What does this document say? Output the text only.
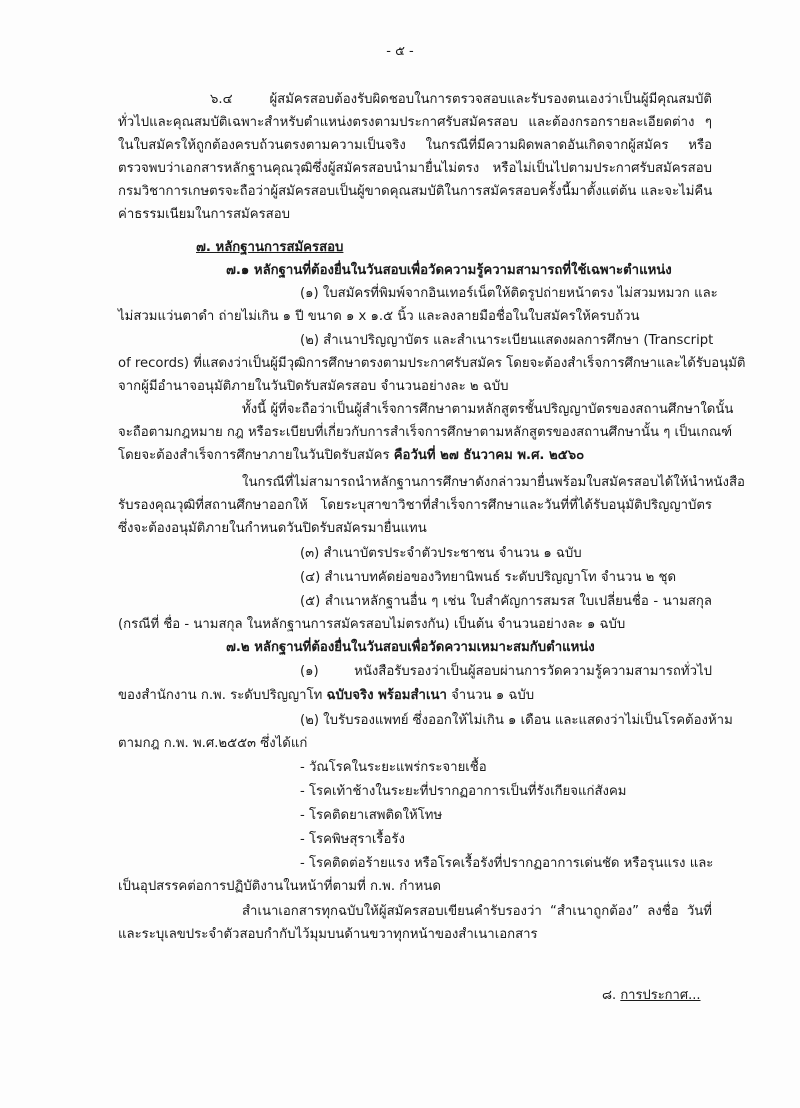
- ๕ -
๖.๔ ผู้สมัครสอบต้องรับผิดชอบในการตรวจสอบและรับรองตนเองว่าเป็นผู้มีคุณสมบัติ
ทั่วไปและคุณสมบัติเฉพาะสำหรับตำแหน่งตรงตามประกาศรับสมัครสอบ และต้องกรอกรายละเอียดต่าง ๆ
ในใบสมัครให้ถูกต้องครบถ้วนตรงตามความเป็นจริง ในกรณีที่มีความผิดพลาดอันเกิดจากผู้สมัคร หรือ
ตรวจพบว่าเอกสารหลักฐานคุณวุฒิซึ่งผู้สมัครสอบนำมายื่นไม่ตรง หรือไม่เป็นไปตามประกาศรับสมัครสอบ
กรมวิชาการเกษตรจะถือว่าผู้สมัครสอบเป็นผู้ขาดคุณสมบัติในการสมัครสอบครั้งนี้มาตั้งแต่ต้น และจะไม่คืน
ค่าธรรมเนียมในการสมัครสอบ
๗. หลักฐานการสมัครสอบ
๗.๑ หลักฐานที่ต้องยื่นในวันสอบเพื่อวัดความรู้ความสามารถที่ใช้เฉพาะตำแหน่ง
(๑) ใบสมัครที่พิมพ์จากอินเทอร์เน็ตให้ติดรูปถ่ายหน้าตรง ไม่สวมหมวก และ
ไม่สวมแว่นตาดำ ถ่ายไม่เกิน ๑ ปี ขนาด ๑ x ๑.๕ นิ้ว และลงลายมือชื่อในใบสมัครให้ครบถ้วน
(๒) สำเนาปริญญาบัตร และสำเนาระเบียนแสดงผลการศึกษา (Transcript
of records) ที่แสดงว่าเป็นผู้มีวุฒิการศึกษาตรงตามประกาศรับสมัคร โดยจะต้องสำเร็จการศึกษาและได้รับอนุมัติ
จากผู้มีอำนาจอนุมัติภายในวันปิดรับสมัครสอบ จำนวนอย่างละ ๒ ฉบับ
ทั้งนี้ ผู้ที่จะถือว่าเป็นผู้สำเร็จการศึกษาตามหลักสูตรชั้นปริญญาบัตรของสถานศึกษาใดนั้น
จะถือตามกฎหมาย กฎ หรือระเบียบที่เกี่ยวกับการสำเร็จการศึกษาตามหลักสูตรของสถานศึกษานั้น ๆ เป็นเกณฑ์
โดยจะต้องสำเร็จการศึกษาภายในวันปิดรับสมัคร คือวันที่ ๒๗ ธันวาคม พ.ศ. ๒๕๖๐
ในกรณีที่ไม่สามารถนำหลักฐานการศึกษาดังกล่าวมายื่นพร้อมใบสมัครสอบได้ให้นำหนังสือ
รับรองคุณวุฒิที่สถานศึกษาออกให้ โดยระบุสาขาวิชาที่สำเร็จการศึกษาและวันที่ที่ได้รับอนุมัติปริญญาบัตร
ซึ่งจะต้องอนุมัติภายในกำหนดวันปิดรับสมัครมายื่นแทน
(๓) สำเนาบัตรประจำตัวประชาชน จำนวน ๑ ฉบับ
(๔) สำเนาบทคัดย่อของวิทยานิพนธ์ ระดับปริญญาโท จำนวน ๒ ชุด
(๕) สำเนาหลักฐานอื่น ๆ เช่น ใบสำคัญการสมรส ใบเปลี่ยนชื่อ - นามสกุล
(กรณีที่ ชื่อ - นามสกุล ในหลักฐานการสมัครสอบไม่ตรงกัน) เป็นต้น จำนวนอย่างละ ๑ ฉบับ
๗.๒ หลักฐานที่ต้องยื่นในวันสอบเพื่อวัดความเหมาะสมกับตำแหน่ง
(๑) หนังสือรับรองว่าเป็นผู้สอบผ่านการวัดความรู้ความสามารถทั่วไป
ของสำนักงาน ก.พ. ระดับปริญญาโท ฉบับจริง พร้อมสำเนา จำนวน ๑ ฉบับ
(๒) ใบรับรองแพทย์ ซึ่งออกให้ไม่เกิน ๑ เดือน และแสดงว่าไม่เป็นโรคต้องห้าม
ตามกฎ ก.พ. พ.ศ.๒๕๕๓ ซึ่งได้แก่
- วัณโรคในระยะแพร่กระจายเชื้อ
- โรคเท้าช้างในระยะที่ปรากฏอาการเป็นที่รังเกียจแก่สังคม
- โรคติดยาเสพติดให้โทษ
- โรคพิษสุราเรื้อรัง
- โรคติดต่อร้ายแรง หรือโรคเรื้อรังที่ปรากฏอาการเด่นชัด หรือรุนแรง และ
เป็นอุปสรรคต่อการปฏิบัติงานในหน้าที่ตามที่ ก.พ. กำหนด
สำเนาเอกสารทุกฉบับให้ผู้สมัครสอบเขียนคำรับรองว่า “สำเนาถูกต้อง” ลงชื่อ วันที่
และระบุเลขประจำตัวสอบกำกับไว้มุมบนด้านขวาทุกหน้าของสำเนาเอกสาร
๘. การประกาศ...
